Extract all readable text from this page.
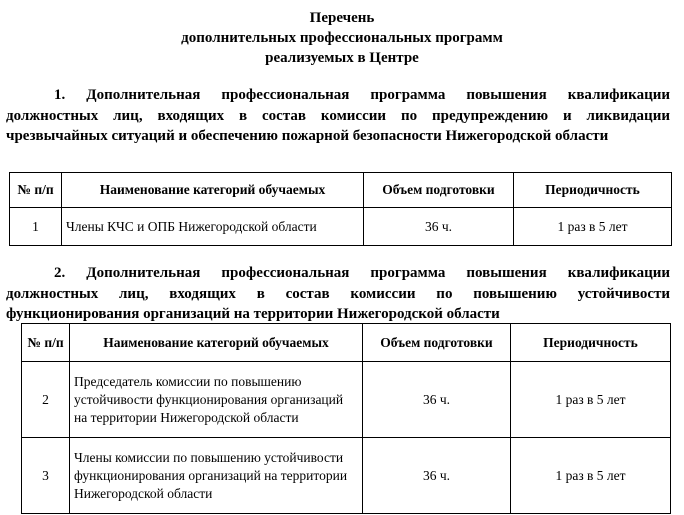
Перечень
дополнительных профессиональных программ
реализуемых в Центре
1. Дополнительная профессиональная программа повышения квалификации должностных лиц, входящих в состав комиссии по предупреждению и ликвидации чрезвычайных ситуаций и обеспечению пожарной безопасности Нижегородской области
№ п/п	Наименование категорий обучаемых	Объем подготовки	Периодичность
1	Члены КЧС и ОПБ Нижегородской области	36 ч.	1 раз в 5 лет
2. Дополнительная профессиональная программа повышения квалификации должностных лиц, входящих в состав комиссии по повышению устойчивости функционирования организаций на территории Нижегородской области
№ п/п	Наименование категорий обучаемых	Объем подготовки	Периодичность
2	Председатель комиссии по повышению устойчивости функционирования организаций на территории Нижегородской области	36 ч.	1 раз в 5 лет
3	Члены комиссии по повышению устойчивости функционирования организаций на территории Нижегородской области	36 ч.	1 раз в 5 лет
